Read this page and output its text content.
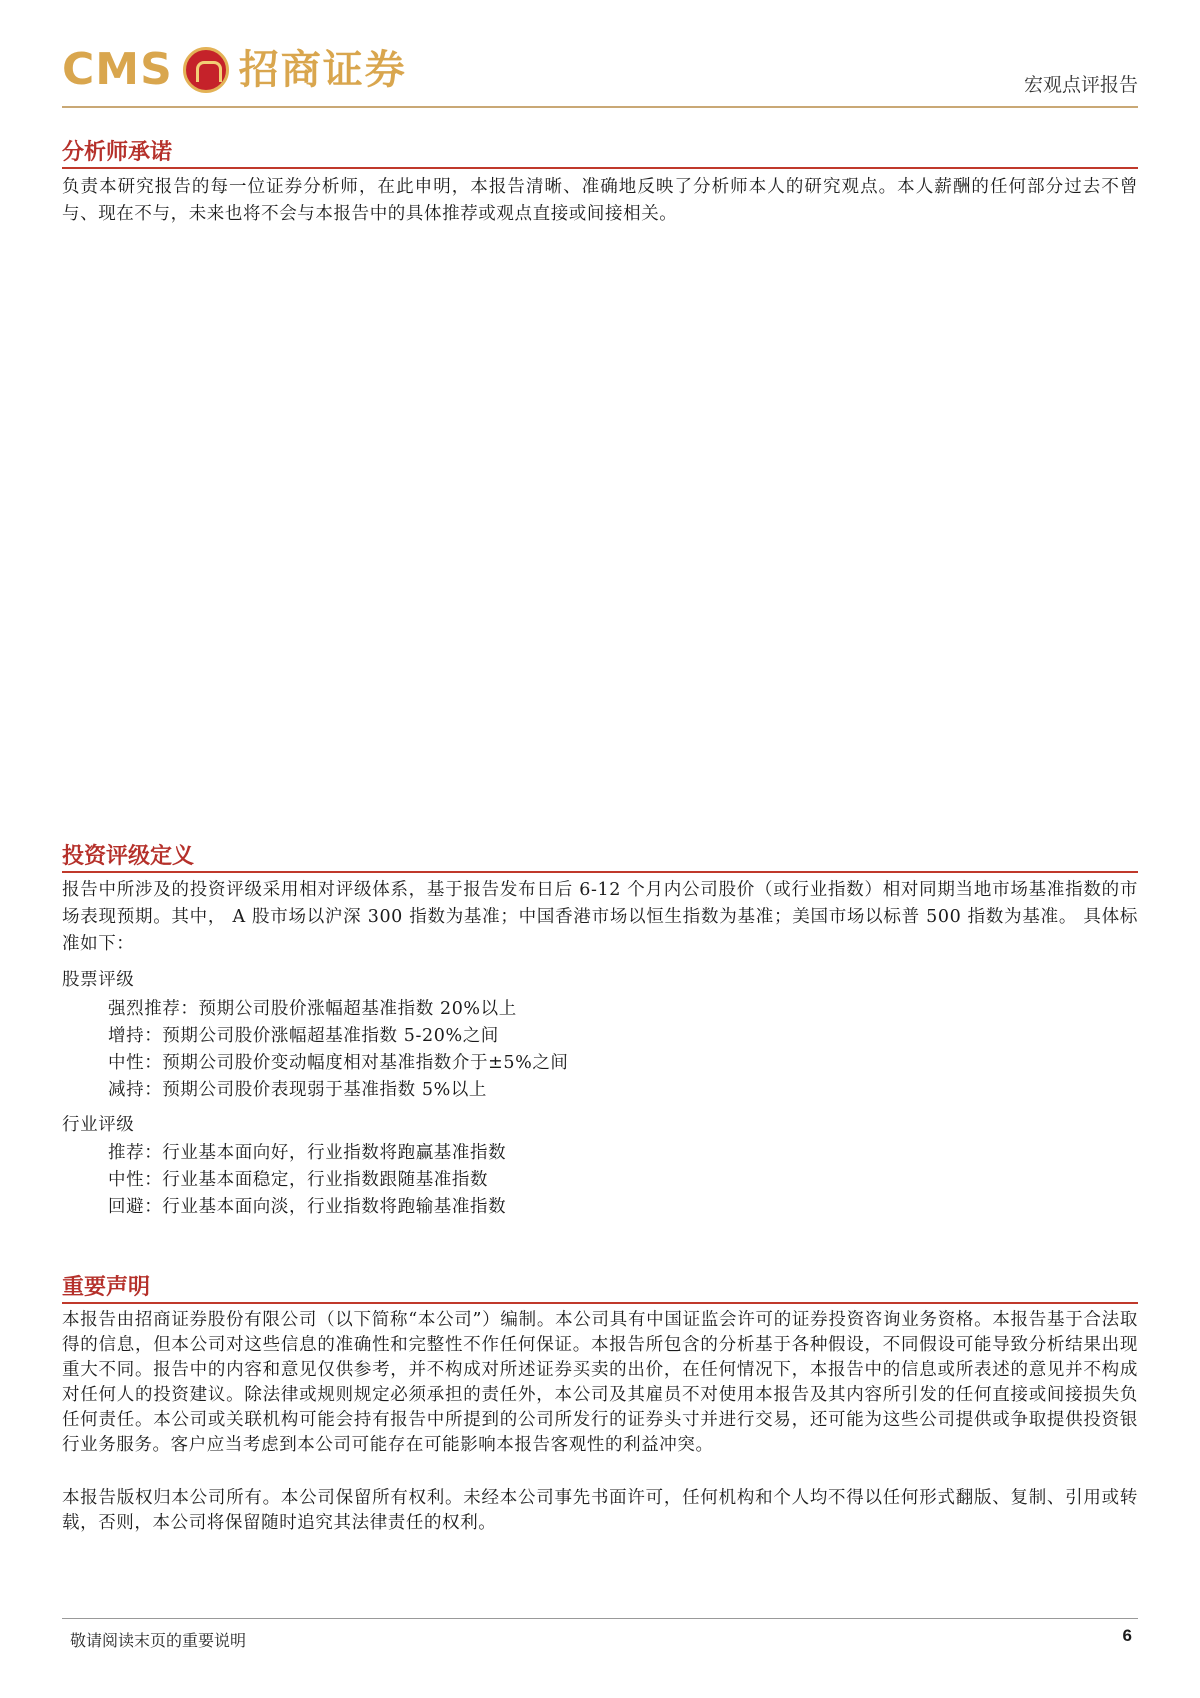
CMS 招商证券	宏观点评报告
分析师承诺
负责本研究报告的每一位证券分析师，在此申明，本报告清晰、准确地反映了分析师本人的研究观点。本人薪酬的任何部分过去不曾与、现在不与，未来也将不会与本报告中的具体推荐或观点直接或间接相关。
投资评级定义
报告中所涉及的投资评级采用相对评级体系，基于报告发布日后 6-12 个月内公司股价（或行业指数）相对同期当地市场基准指数的市场表现预期。其中， A 股市场以沪深 300 指数为基准；中国香港市场以恒生指数为基准；美国市场以标普 500 指数为基准。 具体标准如下：
股票评级
强烈推荐：预期公司股价涨幅超基准指数 20%以上
增持：预期公司股价涨幅超基准指数 5-20%之间
中性：预期公司股价变动幅度相对基准指数介于±5%之间
减持：预期公司股价表现弱于基准指数 5%以上
行业评级
推荐：行业基本面向好，行业指数将跑赢基准指数
中性：行业基本面稳定，行业指数跟随基准指数
回避：行业基本面向淡，行业指数将跑输基准指数
重要声明
本报告由招商证券股份有限公司（以下简称“本公司”）编制。本公司具有中国证监会许可的证券投资咨询业务资格。本报告基于合法取得的信息，但本公司对这些信息的准确性和完整性不作任何保证。本报告所包含的分析基于各种假设，不同假设可能导致分析结果出现重大不同。报告中的内容和意见仅供参考，并不构成对所述证券买卖的出价，在任何情况下，本报告中的信息或所表述的意见并不构成对任何人的投资建议。除法律或规则规定必须承担的责任外，本公司及其雇员不对使用本报告及其内容所引发的任何直接或间接损失负任何责任。本公司或关联机构可能会持有报告中所提到的公司所发行的证券头寸并进行交易，还可能为这些公司提供或争取提供投资银行业务服务。客户应当考虑到本公司可能存在可能影响本报告客观性的利益冲突。
本报告版权归本公司所有。本公司保留所有权利。未经本公司事先书面许可，任何机构和个人均不得以任何形式翻版、复制、引用或转载，否则，本公司将保留随时追究其法律责任的权利。
敬请阅读末页的重要说明	6
